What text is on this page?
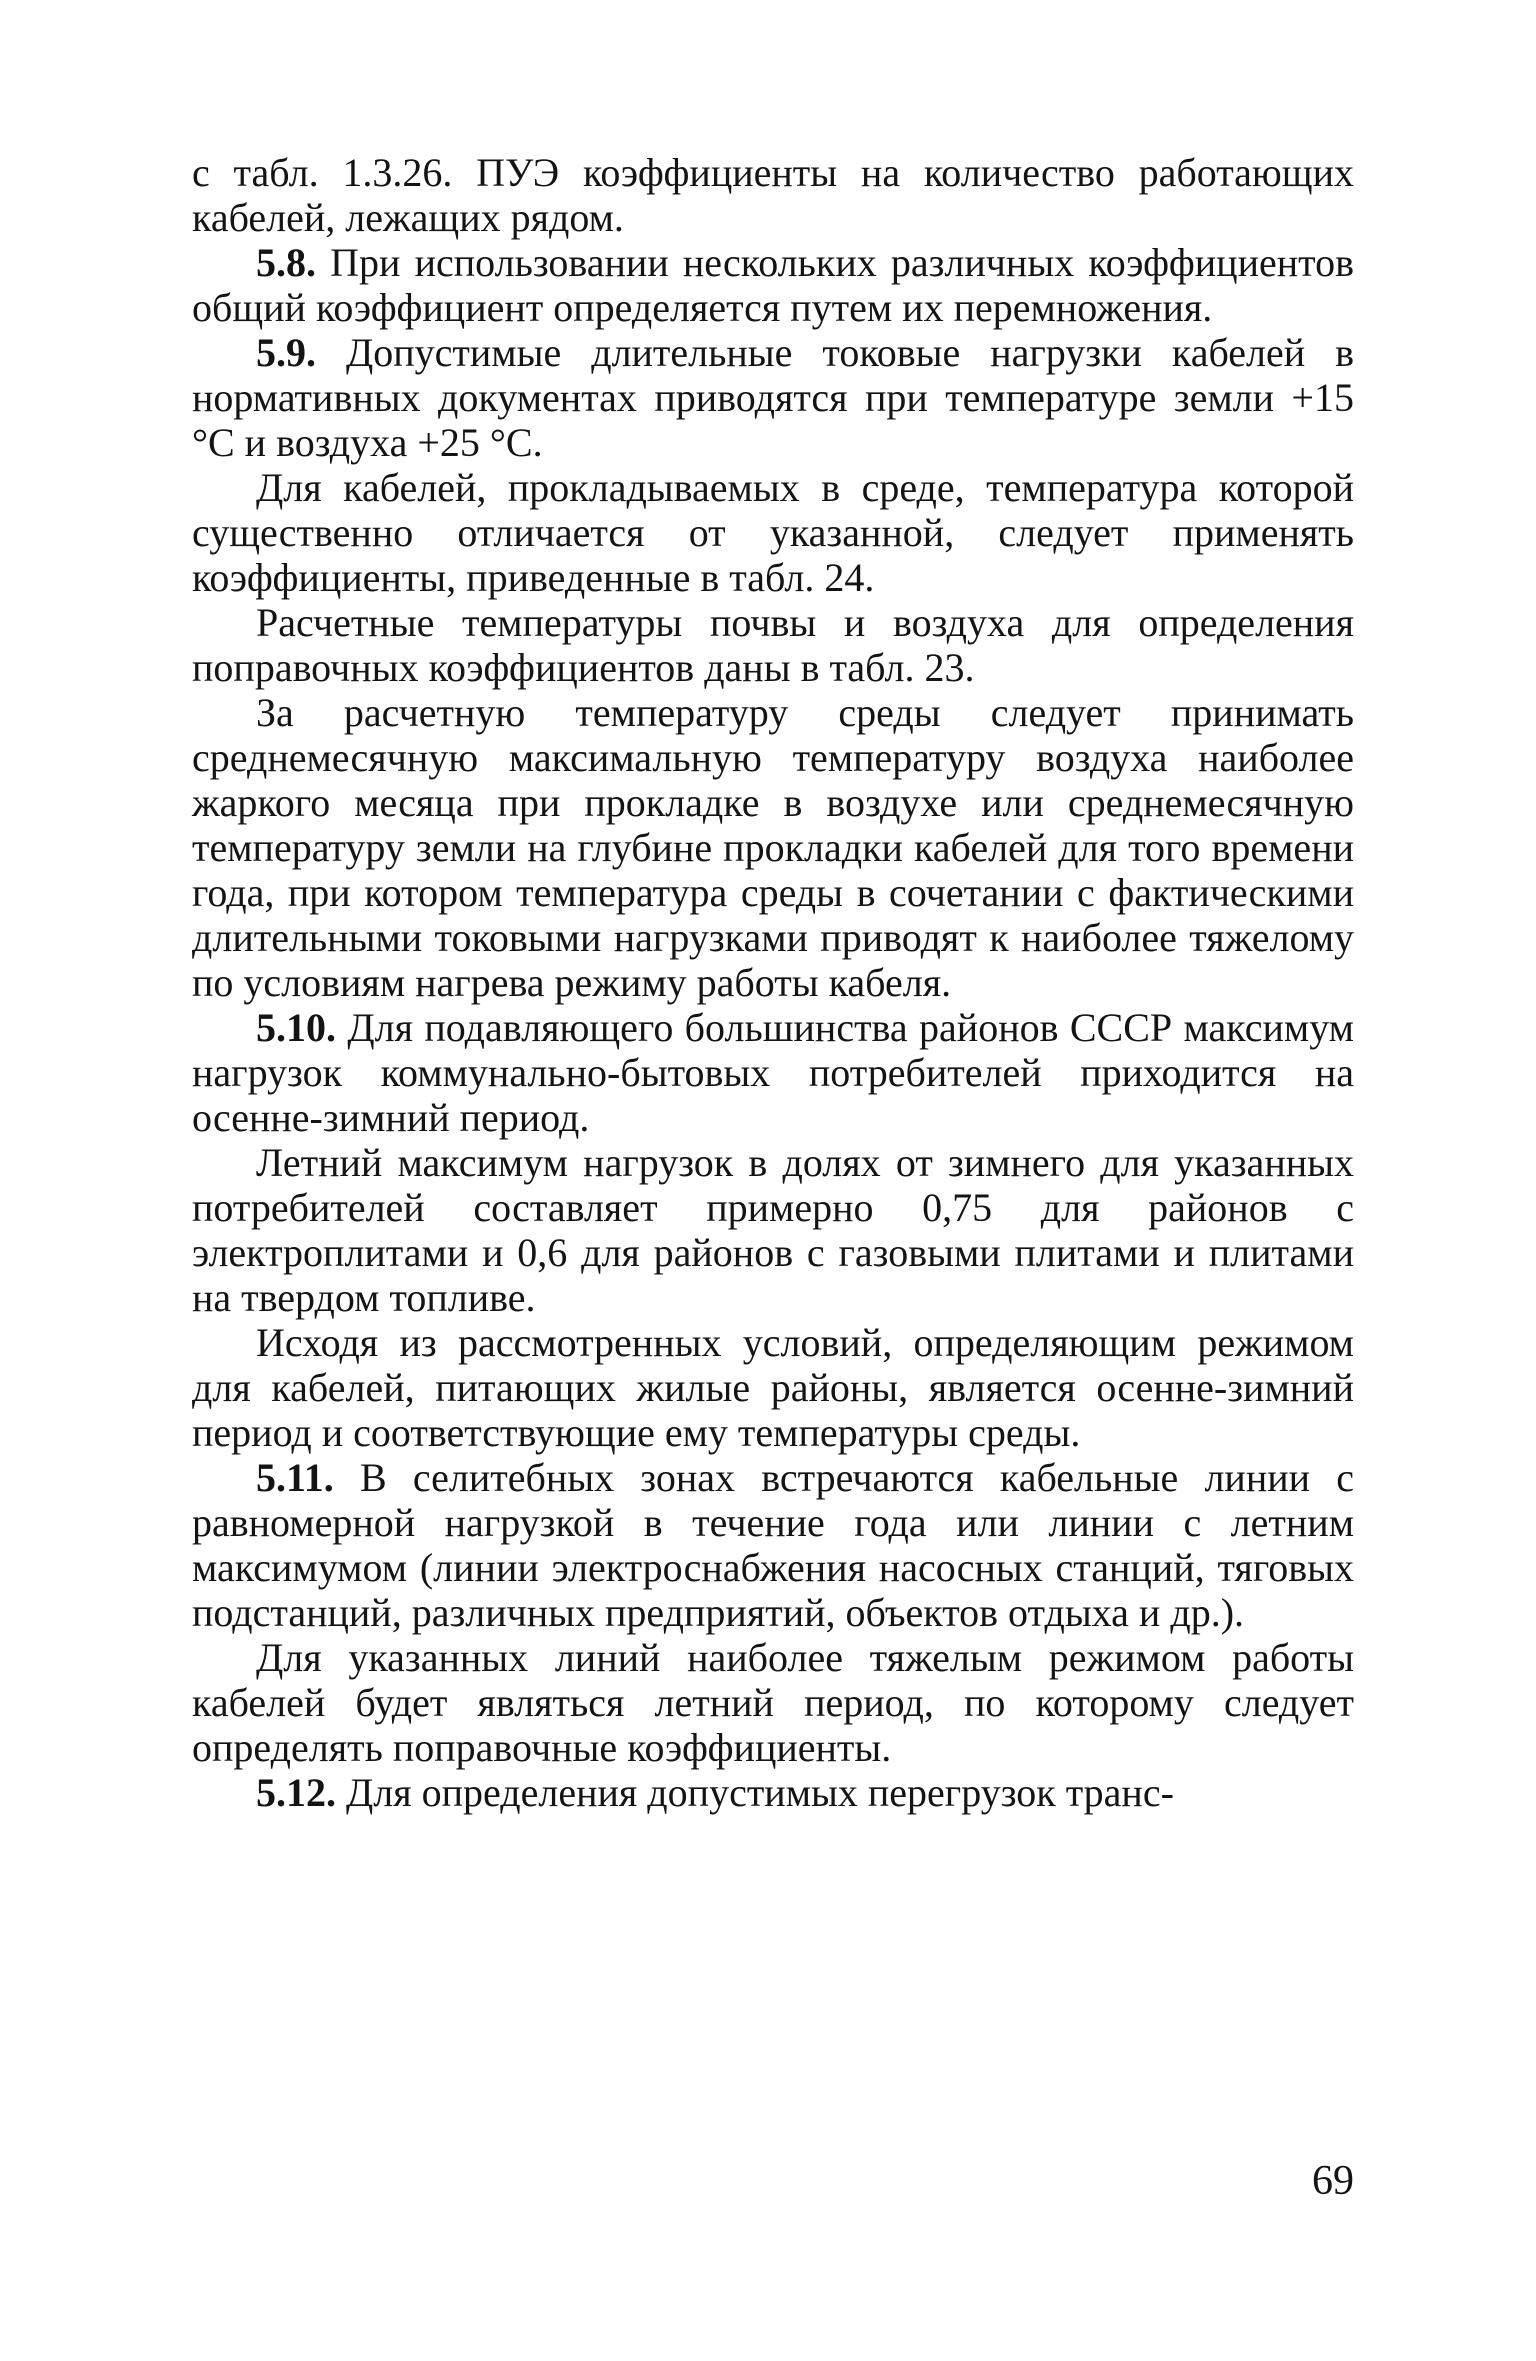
с табл. 1.3.26. ПУЭ коэффициенты на количество работающих кабелей, лежащих рядом.

5.8. При использовании нескольких различных коэффициентов общий коэффициент определяется путем их перемножения.

5.9. Допустимые длительные токовые нагрузки кабелей в нормативных документах приводятся при температуре земли +15 °С и воздуха +25 °С.

Для кабелей, прокладываемых в среде, температура которой существенно отличается от указанной, следует применять коэффициенты, приведенные в табл. 24.

Расчетные температуры почвы и воздуха для определения поправочных коэффициентов даны в табл. 23.

За расчетную температуру среды следует принимать среднемесячную максимальную температуру воздуха наиболее жаркого месяца при прокладке в воздухе или среднемесячную температуру земли на глубине прокладки кабелей для того времени года, при котором температура среды в сочетании с фактическими длительными токовыми нагрузками приводят к наиболее тяжелому по условиям нагрева режиму работы кабеля.

5.10. Для подавляющего большинства районов СССР максимум нагрузок коммунально-бытовых потребителей приходится на осенне-зимний период.

Летний максимум нагрузок в долях от зимнего для указанных потребителей составляет примерно 0,75 для районов с электроплитами и 0,6 для районов с газовыми плитами и плитами на твердом топливе.

Исходя из рассмотренных условий, определяющим режимом для кабелей, питающих жилые районы, является осенне-зимний период и соответствующие ему температуры среды.

5.11. В селитебных зонах встречаются кабельные линии с равномерной нагрузкой в течение года или линии с летним максимумом (линии электроснабжения насосных станций, тяговых подстанций, различных предприятий, объектов отдыха и др.).

Для указанных линий наиболее тяжелым режимом работы кабелей будет являться летний период, по которому следует определять поправочные коэффициенты.

5.12. Для определения допустимых перегрузок транс-

69
